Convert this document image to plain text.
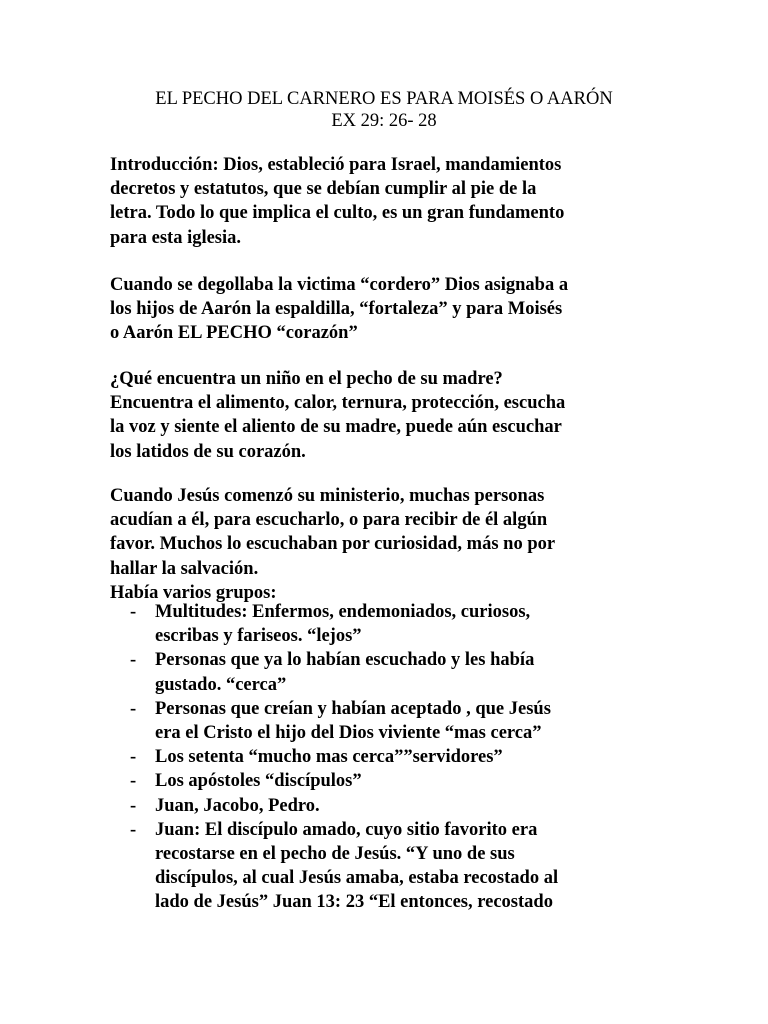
EL PECHO DEL CARNERO ES PARA MOISÉS O AARÓN
EX 29: 26- 28
Introducción: Dios, estableció para Israel, mandamientos
decretos y estatutos, que se debían cumplir al pie de la
letra. Todo lo que implica el culto, es un gran fundamento
para esta iglesia.
Cuando se degollaba la victima “cordero” Dios asignaba a
los hijos de Aarón la espaldilla, “fortaleza” y para Moisés
o Aarón EL PECHO “corazón”
¿Qué encuentra un niño en el pecho de su madre?
Encuentra el alimento, calor, ternura, protección, escucha
la voz y siente el aliento de su madre, puede aún escuchar
los latidos de su corazón.
Cuando Jesús comenzó su ministerio, muchas personas
acudían a él, para escucharlo, o para recibir de él algún
favor. Muchos lo escuchaban por curiosidad, más no por
hallar la salvación.
Había varios grupos:
- Multitudes: Enfermos, endemoniados, curiosos,
escribas y fariseos. “lejos”
- Personas que ya lo habían escuchado y les había
gustado. “cerca”
- Personas que creían y habían aceptado , que Jesús
era el Cristo el hijo del Dios viviente “mas cerca”
- Los setenta “mucho mas cerca””servidores”
- Los apóstoles “discípulos”
- Juan, Jacobo, Pedro.
- Juan: El discípulo amado, cuyo sitio favorito era
recostarse en el pecho de Jesús. “Y uno de sus
discípulos, al cual Jesús amaba, estaba recostado al
lado de Jesús” Juan 13: 23 “El entonces, recostado
